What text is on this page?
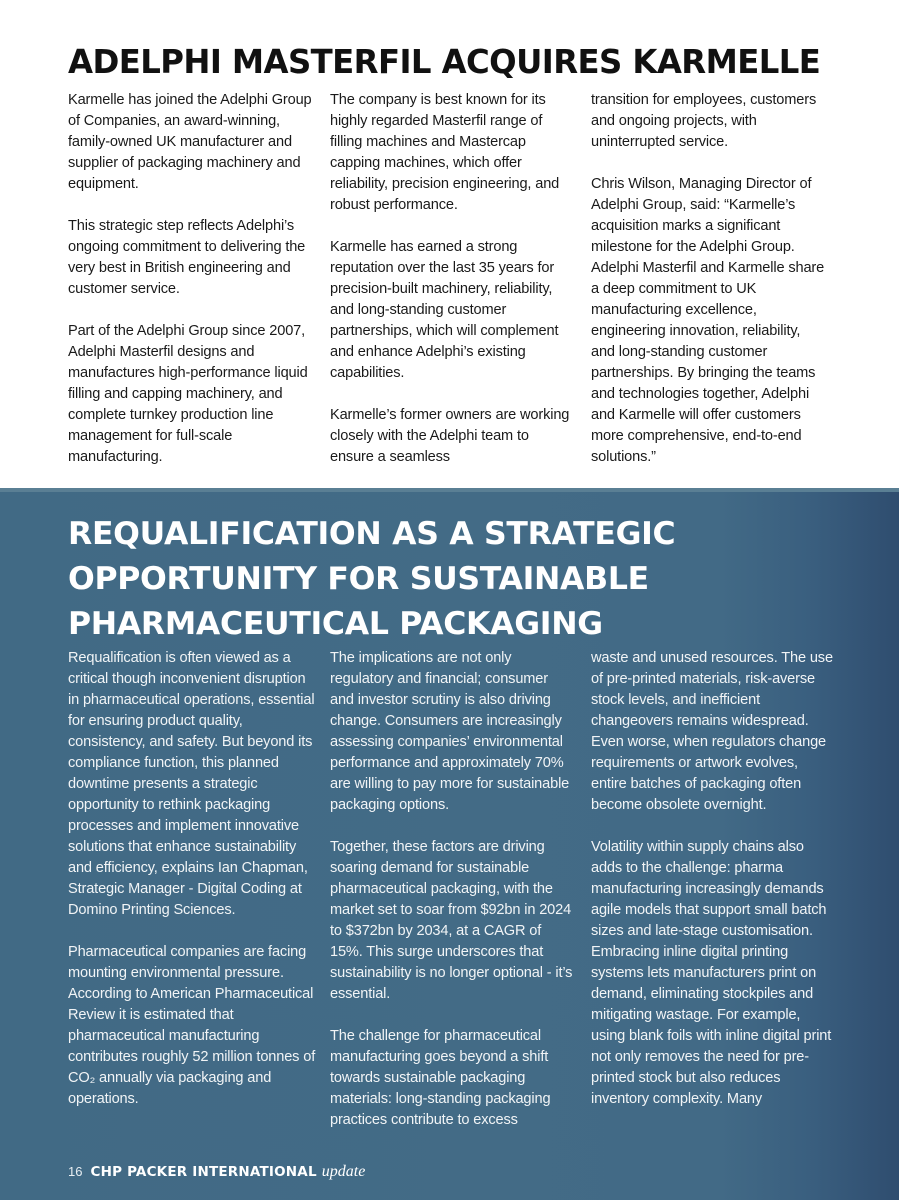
ADELPHI MASTERFIL ACQUIRES KARMELLE

Karmelle has joined the Adelphi Group of Companies, an award-winning, family-owned UK manufacturer and supplier of packaging machinery and equipment.

This strategic step reflects Adelphi’s ongoing commitment to delivering the very best in British engineering and customer service.

Part of the Adelphi Group since 2007, Adelphi Masterfil designs and manufactures high-performance liquid filling and capping machinery, and complete turnkey production line management for full-scale manufacturing.

The company is best known for its highly regarded Masterfil range of filling machines and Mastercap capping machines, which offer reliability, precision engineering, and robust performance.

Karmelle has earned a strong reputation over the last 35 years for precision-built machinery, reliability, and long-standing customer partnerships, which will complement and enhance Adelphi’s existing capabilities.

Karmelle’s former owners are working closely with the Adelphi team to ensure a seamless

transition for employees, customers and ongoing projects, with uninterrupted service.

Chris Wilson, Managing Director of Adelphi Group, said: “Karmelle’s acquisition marks a significant milestone for the Adelphi Group. Adelphi Masterfil and Karmelle share a deep commitment to UK manufacturing excellence, engineering innovation, reliability, and long-standing customer partnerships. By bringing the teams and technologies together, Adelphi and Karmelle will offer customers more comprehensive, end-to-end solutions.”

REQUALIFICATION AS A STRATEGIC OPPORTUNITY FOR SUSTAINABLE PHARMACEUTICAL PACKAGING

Requalification is often viewed as a critical though inconvenient disruption in pharmaceutical operations, essential for ensuring product quality, consistency, and safety. But beyond its compliance function, this planned downtime presents a strategic opportunity to rethink packaging processes and implement innovative solutions that enhance sustainability and efficiency, explains Ian Chapman, Strategic Manager - Digital Coding at Domino Printing Sciences.

Pharmaceutical companies are facing mounting environmental pressure. According to American Pharmaceutical Review it is estimated that pharmaceutical manufacturing contributes roughly 52 million tonnes of CO₂ annually via packaging and operations.

The implications are not only regulatory and financial; consumer and investor scrutiny is also driving change. Consumers are increasingly assessing companies’ environmental performance and approximately 70% are willing to pay more for sustainable packaging options.

Together, these factors are driving soaring demand for sustainable pharmaceutical packaging, with the market set to soar from $92bn in 2024 to $372bn by 2034, at a CAGR of 15%. This surge underscores that sustainability is no longer optional - it’s essential.

The challenge for pharmaceutical manufacturing goes beyond a shift towards sustainable packaging materials: long-standing packaging practices contribute to excess

waste and unused resources. The use of pre-printed materials, risk-averse stock levels, and inefficient changeovers remains widespread. Even worse, when regulators change requirements or artwork evolves, entire batches of packaging often become obsolete overnight.

Volatility within supply chains also adds to the challenge: pharma manufacturing increasingly demands agile models that support small batch sizes and late-stage customisation. Embracing inline digital printing systems lets manufacturers print on demand, eliminating stockpiles and mitigating wastage. For example, using blank foils with inline digital print not only removes the need for pre-printed stock but also reduces inventory complexity. Many

16 CHP PACKER INTERNATIONAL update
